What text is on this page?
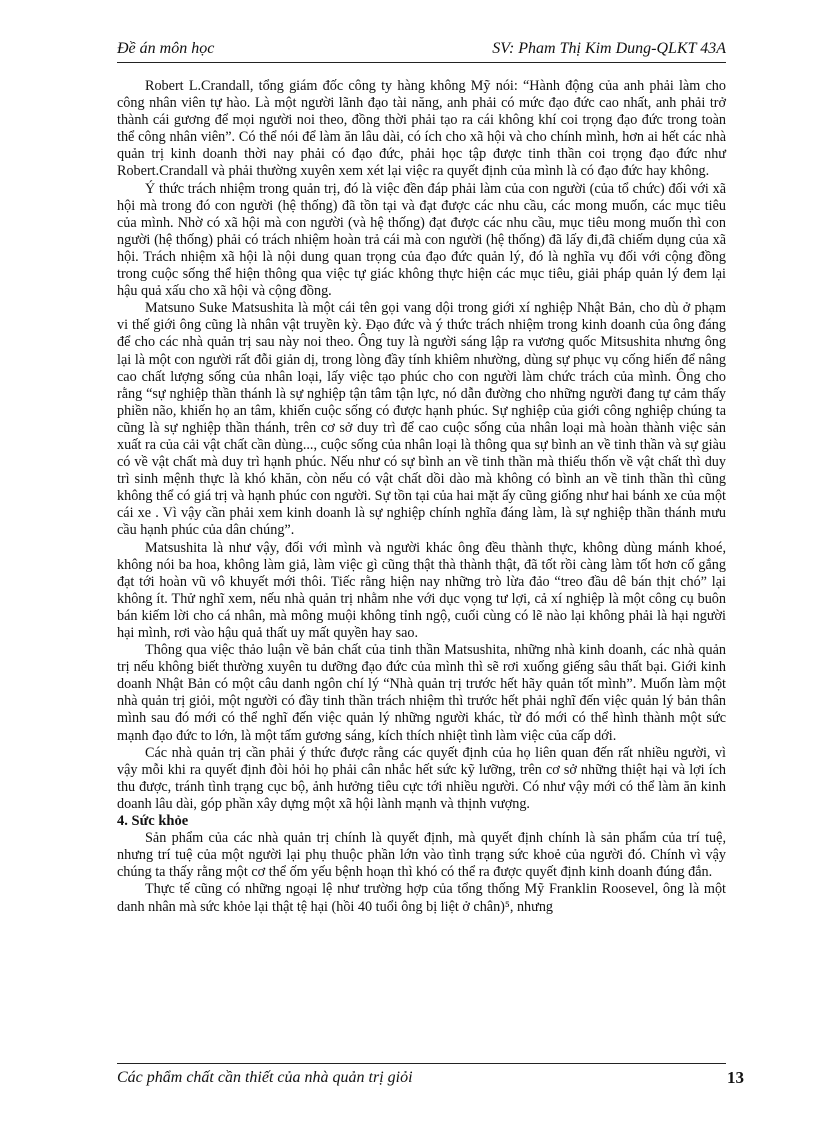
Đề án môn học	SV: Pham Thị Kim Dung-QLKT 43A

Robert L.Crandall, tổng giám đốc công ty hàng không Mỹ nói: “Hành động của anh phải làm cho công nhân viên tự hào. Là một người lãnh đạo tài năng, anh phải có mức đạo đức cao nhất, anh phải trở thành cái gương để mọi người noi theo, đồng thời phải tạo ra cái không khí coi trọng đạo đức trong toàn thể công nhân viên”. Có thể nói để làm ăn lâu dài, có ích cho xã hội và cho chính mình, hơn ai hết các nhà quản trị kinh doanh thời nay phải có đạo đức, phải học tập được tinh thần coi trọng đạo đức như Robert.Crandall và phải thường xuyên xem xét lại việc ra quyết định của mình là có đạo đức hay không.

Ý thức trách nhiệm trong quản trị, đó là việc đền đáp phải làm của con người (của tổ chức) đối với xã hội mà trong đó con người (hệ thống) đã tồn tại và đạt được các nhu cầu, các mong muốn, các mục tiêu của mình. Nhờ có xã hội mà con người (và hệ thống) đạt được các nhu cầu, mục tiêu mong muốn thì con người (hệ thống) phải có trách nhiệm hoàn trả cái mà con người (hệ thống) đã lấy đi,đã chiếm dụng của xã hội. Trách nhiệm xã hội là nội dung quan trọng của đạo đức quản lý, đó là nghĩa vụ đối với cộng đồng trong cuộc sống thể hiện thông qua việc tự giác không thực hiện các mục tiêu, giải pháp quản lý đem lại hậu quả xấu cho xã hội và cộng đồng.

Matsuno Suke Matsushita là một cái tên gọi vang dội trong giới xí nghiệp Nhật Bản, cho dù ở phạm vi thế giới ông cũng là nhân vật truyền kỳ. Đạo đức và ý thức trách nhiệm trong kinh doanh của ông đáng để cho các nhà quản trị sau này noi theo. Ông tuy là người sáng lập ra vương quốc Mitsushita nhưng ông lại là một con người rất đỗi giản dị, trong lòng đầy tính khiêm nhường, dùng sự phục vụ cống hiến để nâng cao chất lượng sống của nhân loại, lấy việc tạo phúc cho con người làm chức trách của mình. Ông cho rằng “sự nghiệp thần thánh là sự nghiệp tận tâm tận lực, nó dẫn đường cho những người đang tự cảm thấy phiền não, khiến họ an tâm, khiến cuộc sống có được hạnh phúc. Sự nghiệp của giới công nghiệp chúng ta cũng là sự nghiệp thần thánh, trên cơ sở duy trì để cao cuộc sống của nhân loại mà hoàn thành việc sản xuất ra của cải vật chất cần dùng..., cuộc sống của nhân loại là thông qua sự bình an về tinh thần và sự giàu có về vật chất mà duy trì hạnh phúc. Nếu như có sự bình an về tinh thần mà thiếu thốn về vật chất thì duy trì sinh mệnh thực là khó khăn, còn nếu có vật chất dồi dào mà không có bình an về tinh thần thì cũng không thể có giá trị và hạnh phúc con người. Sự tồn tại của hai mặt ấy cũng giống như hai bánh xe của một cái xe . Vì vậy cần phải xem kinh doanh là sự nghiệp chính nghĩa đáng làm, là sự nghiệp thần thánh mưu cầu hạnh phúc của dân chúng”.

Matsushita là như vậy, đối với mình và người khác ông đều thành thực, không dùng mánh khoé, không nói ba hoa, không làm giả, làm việc gì cũng thật thà thành thật, đã tốt rồi càng làm tốt hơn cố gắng đạt tới hoàn vũ vô khuyết mới thôi. Tiếc rằng hiện nay những trò lừa đảo “treo đầu dê bán thịt chó” lại không ít. Thử nghĩ xem, nếu nhà quản trị nhằm nhe với dục vọng tư lợi, cả xí nghiệp là một công cụ buôn bán kiếm lời cho cá nhân, mà mông muội không tỉnh ngộ, cuối cùng có lẽ nào lại không phải là hại người hại mình, rơi vào hậu quả thất uy mất quyền hay sao.

Thông qua việc thảo luận về bản chất của tinh thần Matsushita, những nhà kinh doanh, các nhà quản trị nếu không biết thường xuyên tu dưỡng đạo đức của mình thì sẽ rơi xuống giếng sâu thất bại. Giới kinh doanh Nhật Bản có một câu danh ngôn chí lý “Nhà quản trị trước hết hãy quản tốt mình”. Muốn làm một nhà quản trị giỏi, một người có đầy tinh thần trách nhiệm thì trước hết phải nghĩ đến việc quản lý bản thân mình sau đó mới có thể nghĩ đến việc quản lý những người khác, từ đó mới có thể hình thành một sức mạnh đạo đức to lớn, là một tấm gương sáng, kích thích nhiệt tình làm việc của cấp dới.

Các nhà quản trị cần phải ý thức được rằng các quyết định của họ liên quan đến rất nhiều người, vì vậy mỗi khi ra quyết định đòi hỏi họ phải cân nhắc hết sức kỹ lưỡng, trên cơ sở những thiệt hại và lợi ích thu được, tránh tình trạng cục bộ, ảnh hưởng tiêu cực tới nhiều người. Có như vậy mới có thể làm ăn kinh doanh lâu dài, góp phần xây dựng một xã hội lành mạnh và thịnh vượng.

4. Sức khỏe

Sản phẩm của các nhà quản trị chính là quyết định, mà quyết định chính là sản phẩm của trí tuệ, nhưng trí tuệ của một người lại phụ thuộc phần lớn vào tình trạng sức khoẻ của người đó. Chính vì vậy chúng ta thấy rằng một cơ thể ốm yếu bệnh hoạn thì khó có thể ra được quyết định kinh doanh đúng đắn.

Thực tế cũng có những ngoại lệ như trường hợp của tổng thống Mỹ Franklin Roosevel, ông là một danh nhân mà sức khỏe lại thật tệ hại (hồi 40 tuổi ông bị liệt ở chân)⁵, nhưng

Các phẩm chất cần thiết của nhà quản trị giỏi	13
